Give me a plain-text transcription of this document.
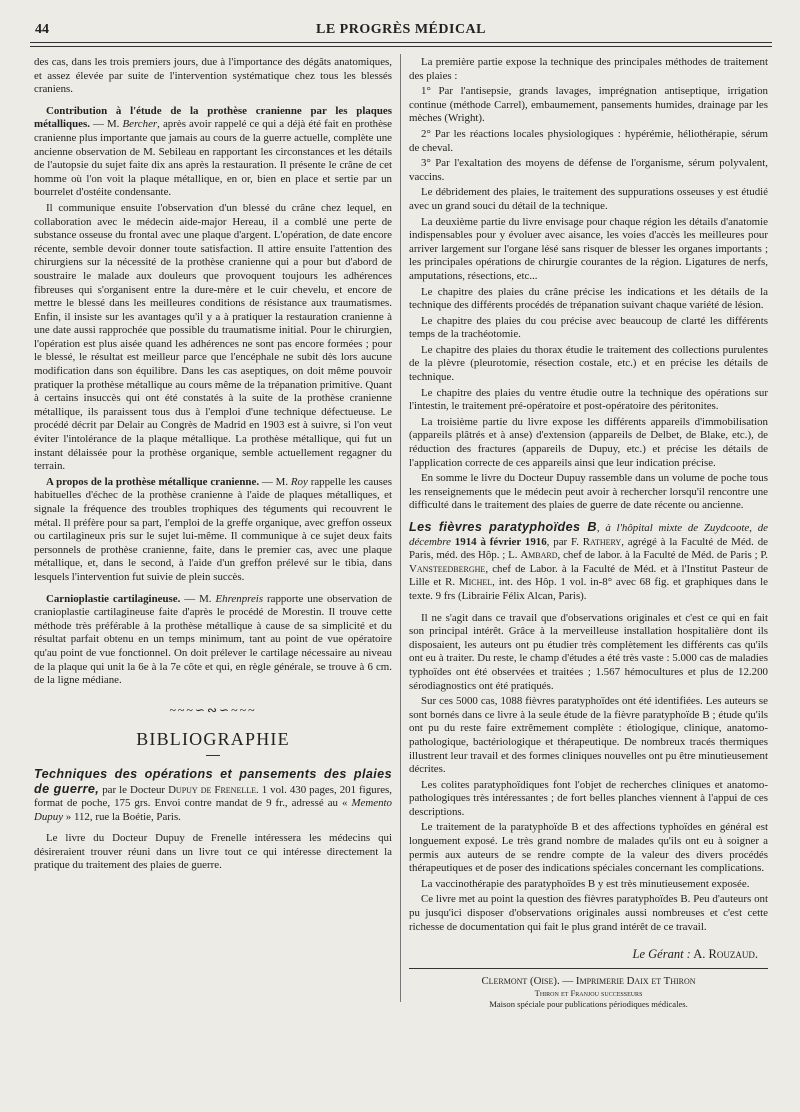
44	LE PROGRÈS MÉDICAL

des cas, dans les trois premiers jours, due à l'importance des dégâts anatomiques, et assez élevée par suite de l'intervention systématique chez tous les blessés craniens.

Contribution à l'étude de la prothèse cranienne par les plaques métalliques. — M. Bercher, après avoir rappelé ce qui a déjà été fait en prothèse cranienne plus importante que jamais au cours de la guerre actuelle, complète une ancienne observation de M. Sebileau en rapportant les circonstances et les détails de l'autopsie du sujet faite dix ans après la restauration. Il présente le crâne de cet homme où l'on voit la plaque métallique, en or, bien en place et sertie par un bourrelet d'ostéite condensante.

Il communique ensuite l'observation d'un blessé du crâne chez lequel, en collaboration avec le médecin aide-major Hereau, il a comblé une perte de substance osseuse du frontal avec une plaque d'argent. L'opération, de date encore récente, semble devoir donner toute satisfaction. Il attire ensuite l'attention des chirurgiens sur la nécessité de la prothèse cranienne qui a pour but d'abord de soustraire le malade aux douleurs que provoquent toujours les adhérences fibreuses qui s'organisent entre la dure-mère et le cuir chevelu, et encore de mettre le blessé dans les meilleures conditions de résistance aux traumatismes. Enfin, il insiste sur les avantages qu'il y a à pratiquer la restauration cranienne à une date aussi rapprochée que possible du traumatisme initial. Pour le chirurgien, l'opération est plus aisée quand les adhérences ne sont pas encore formées ; pour le blessé, le résultat est meilleur parce que l'encéphale ne subit dès lors aucune modification dans son équilibre. Dans les cas aseptiques, on doit même pouvoir pratiquer la prothèse métallique au cours même de la trépanation primitive. Quant à certains insuccès qui ont été constatés à la suite de la prothèse cranienne métallique, ils paraissent tous dus à l'emploi d'une technique défectueuse. Le procédé décrit par Delair au Congrès de Madrid en 1903 est à suivre, si l'on veut éviter l'intolérance de la plaque métallique. La prothèse métallique, qui fut un instant délaissée pour la prothèse organique, semble actuellement regagner du terrain.

A propos de la prothèse métallique cranienne. — M. Roy rappelle les causes habituelles d'échec de la prothèse cranienne à l'aide de plaques métalliques, et signale la fréquence des troubles trophiques des téguments qui recouvrent le métal. Il préfère pour sa part, l'emploi de la greffe organique, avec greffon osseux ou cartilagineux pris sur le sujet lui-même. Il communique à ce sujet deux faits personnels de prothèse cranienne, faite, dans le premier cas, avec une plaque métallique, et, dans le second, à l'aide d'un greffon prélevé sur le tibia, dans lesquels l'intervention fut suivie de plein succès.

Carnioplastie cartilagineuse. — M. Ehrenpreis rapporte une observation de cranioplastie cartilagineuse faite d'après le procédé de Morestin. Il trouve cette méthode très préférable à la prothèse métallique à cause de sa simplicité et du résultat parfait obtenu en un temps minimum, tant au point de vue opératoire qu'au point de vue fonctionnel. On doit prélever le cartilage nécessaire au niveau de la plaque qui unit la 6e à la 7e côte et qui, en règle générale, se trouve à 6 cm. de la ligne médiane.

~~~∽∾∽~~~
BIBLIOGRAPHIE

Techniques des opérations et pansements des plaies de guerre, par le Docteur Dupuy de Frenelle. 1 vol. 430 pages, 201 figures, format de poche, 175 grs. Envoi contre mandat de 9 fr., adressé au « Memento Dupuy » 112, rue la Boétie, Paris.

Le livre du Docteur Dupuy de Frenelle intéressera les médecins qui désireraient trouver réuni dans un livre tout ce qui intéresse directement la pratique du traitement des plaies de guerre.

La première partie expose la technique des principales méthodes de traitement des plaies :

1° Par l'antisepsie, grands lavages, imprégnation antiseptique, irrigation continue (méthode Carrel), embaumement, pansements humides, drainage par les mèches (Wright).

2° Par les réactions locales physiologiques : hypérémie, héliothérapie, sérum de cheval.

3° Par l'exaltation des moyens de défense de l'organisme, sérum polyvalent, vaccins.

Le débridement des plaies, le traitement des suppurations osseuses y est étudié avec un grand souci du détail de la technique.

La deuxième partie du livre envisage pour chaque région les détails d'anatomie indispensables pour y évoluer avec aisance, les voies d'accès les meilleures pour arriver largement sur l'organe lésé sans risquer de blesser les organes importants ; les principales opérations de chirurgie courantes de la région. Ligatures de nerfs, amputations, résections, etc...

Le chapitre des plaies du crâne précise les indications et les détails de la technique des différents procédés de trépanation suivant chaque variété de lésion.

Le chapitre des plaies du cou précise avec beaucoup de clarté les différents temps de la trachéotomie.

Le chapitre des plaies du thorax étudie le traitement des collections purulentes de la plèvre (pleurotomie, résection costale, etc.) et en précise les détails de technique.

Le chapitre des plaies du ventre étudie outre la technique des opérations sur l'intestin, le traitement pré-opératoire et post-opératoire des péritonites.

La troisième partie du livre expose les différents appareils d'immobilisation (appareils plâtrés et à anse) d'extension (appareils de Delbet, de Blake, etc.), de réduction des fractures (appareils de Dupuy, etc.) et précise les détails de l'application correcte de ces appareils ainsi que leur indication précise.

En somme le livre du Docteur Dupuy rassemble dans un volume de poche tous les renseignements que le médecin peut avoir à rechercher lorsqu'il rencontre une difficulté dans le traitement des plaies de guerre de date récente ou ancienne.

Les fièvres paratyphoïdes B, à l'hôpital mixte de Zuydcoote, de décembre 1914 à février 1916, par F. Rathery, agrégé à la Faculté de Méd. de Paris, méd. des Hôp. ; L. Ambard, chef de labor. à la Faculté de Méd. de Paris ; P. Vansteedberghe, chef de Labor. à la Faculté de Méd. et à l'Institut Pasteur de Lille et R. Michel, int. des Hôp. 1 vol. in-8° avec 68 fig. et graphiques dans le texte. 9 frs (Librairie Félix Alcan, Paris).

Il ne s'agit dans ce travail que d'observations originales et c'est ce qui en fait son principal intérêt. Grâce à la merveilleuse installation hospitalière dont ils disposaient, les auteurs ont pu étudier très complètement les différents cas qu'ils ont eu à traiter. Du reste, le champ d'études a été très vaste : 5.000 cas de maladies typhoïdes ont été observées et traitées ; 1.567 hémocultures et plus de 12.200 sérodiagnostics ont été pratiqués.

Sur ces 5000 cas, 1088 fièvres paratyphoïdes ont été identifiées. Les auteurs se sont bornés dans ce livre à la seule étude de la fièvre paratyphoïde B ; étude qu'ils ont pu du reste faire extrêmement complète : étiologique, clinique, anatomo-pathologique, bactériologique et thérapeutique. De nombreux tracés thermiques illustrent leur travail et des formes cliniques nouvelles ont pu être minutieusement décrites.

Les colites paratyphoïdiques font l'objet de recherches cliniques et anatomo-pathologiques très intéressantes ; de fort belles planches viennent à l'appui de ces descriptions.

Le traitement de la paratyphoïde B et des affections typhoïdes en général est longuement exposé. Le très grand nombre de malades qu'ils ont eu à soigner a permis aux auteurs de se rendre compte de la valeur des divers procédés thérapeutiques et de poser des indications spéciales concernant les complications.

La vaccinothérapie des paratyphoïdes B y est très minutieusement exposée.

Ce livre met au point la question des fièvres paratyphoïdes B. Peu d'auteurs ont pu jusqu'ici disposer d'observations originales aussi nombreuses et c'est cette richesse de documentation qui fait le plus grand intérêt de ce travail.

Le Gérant : A. Rouzaud.
Clermont (Oise). — Imprimerie Daix et Thiron
Thiron et Franjou successeurs
Maison spéciale pour publications périodiques médicales.
